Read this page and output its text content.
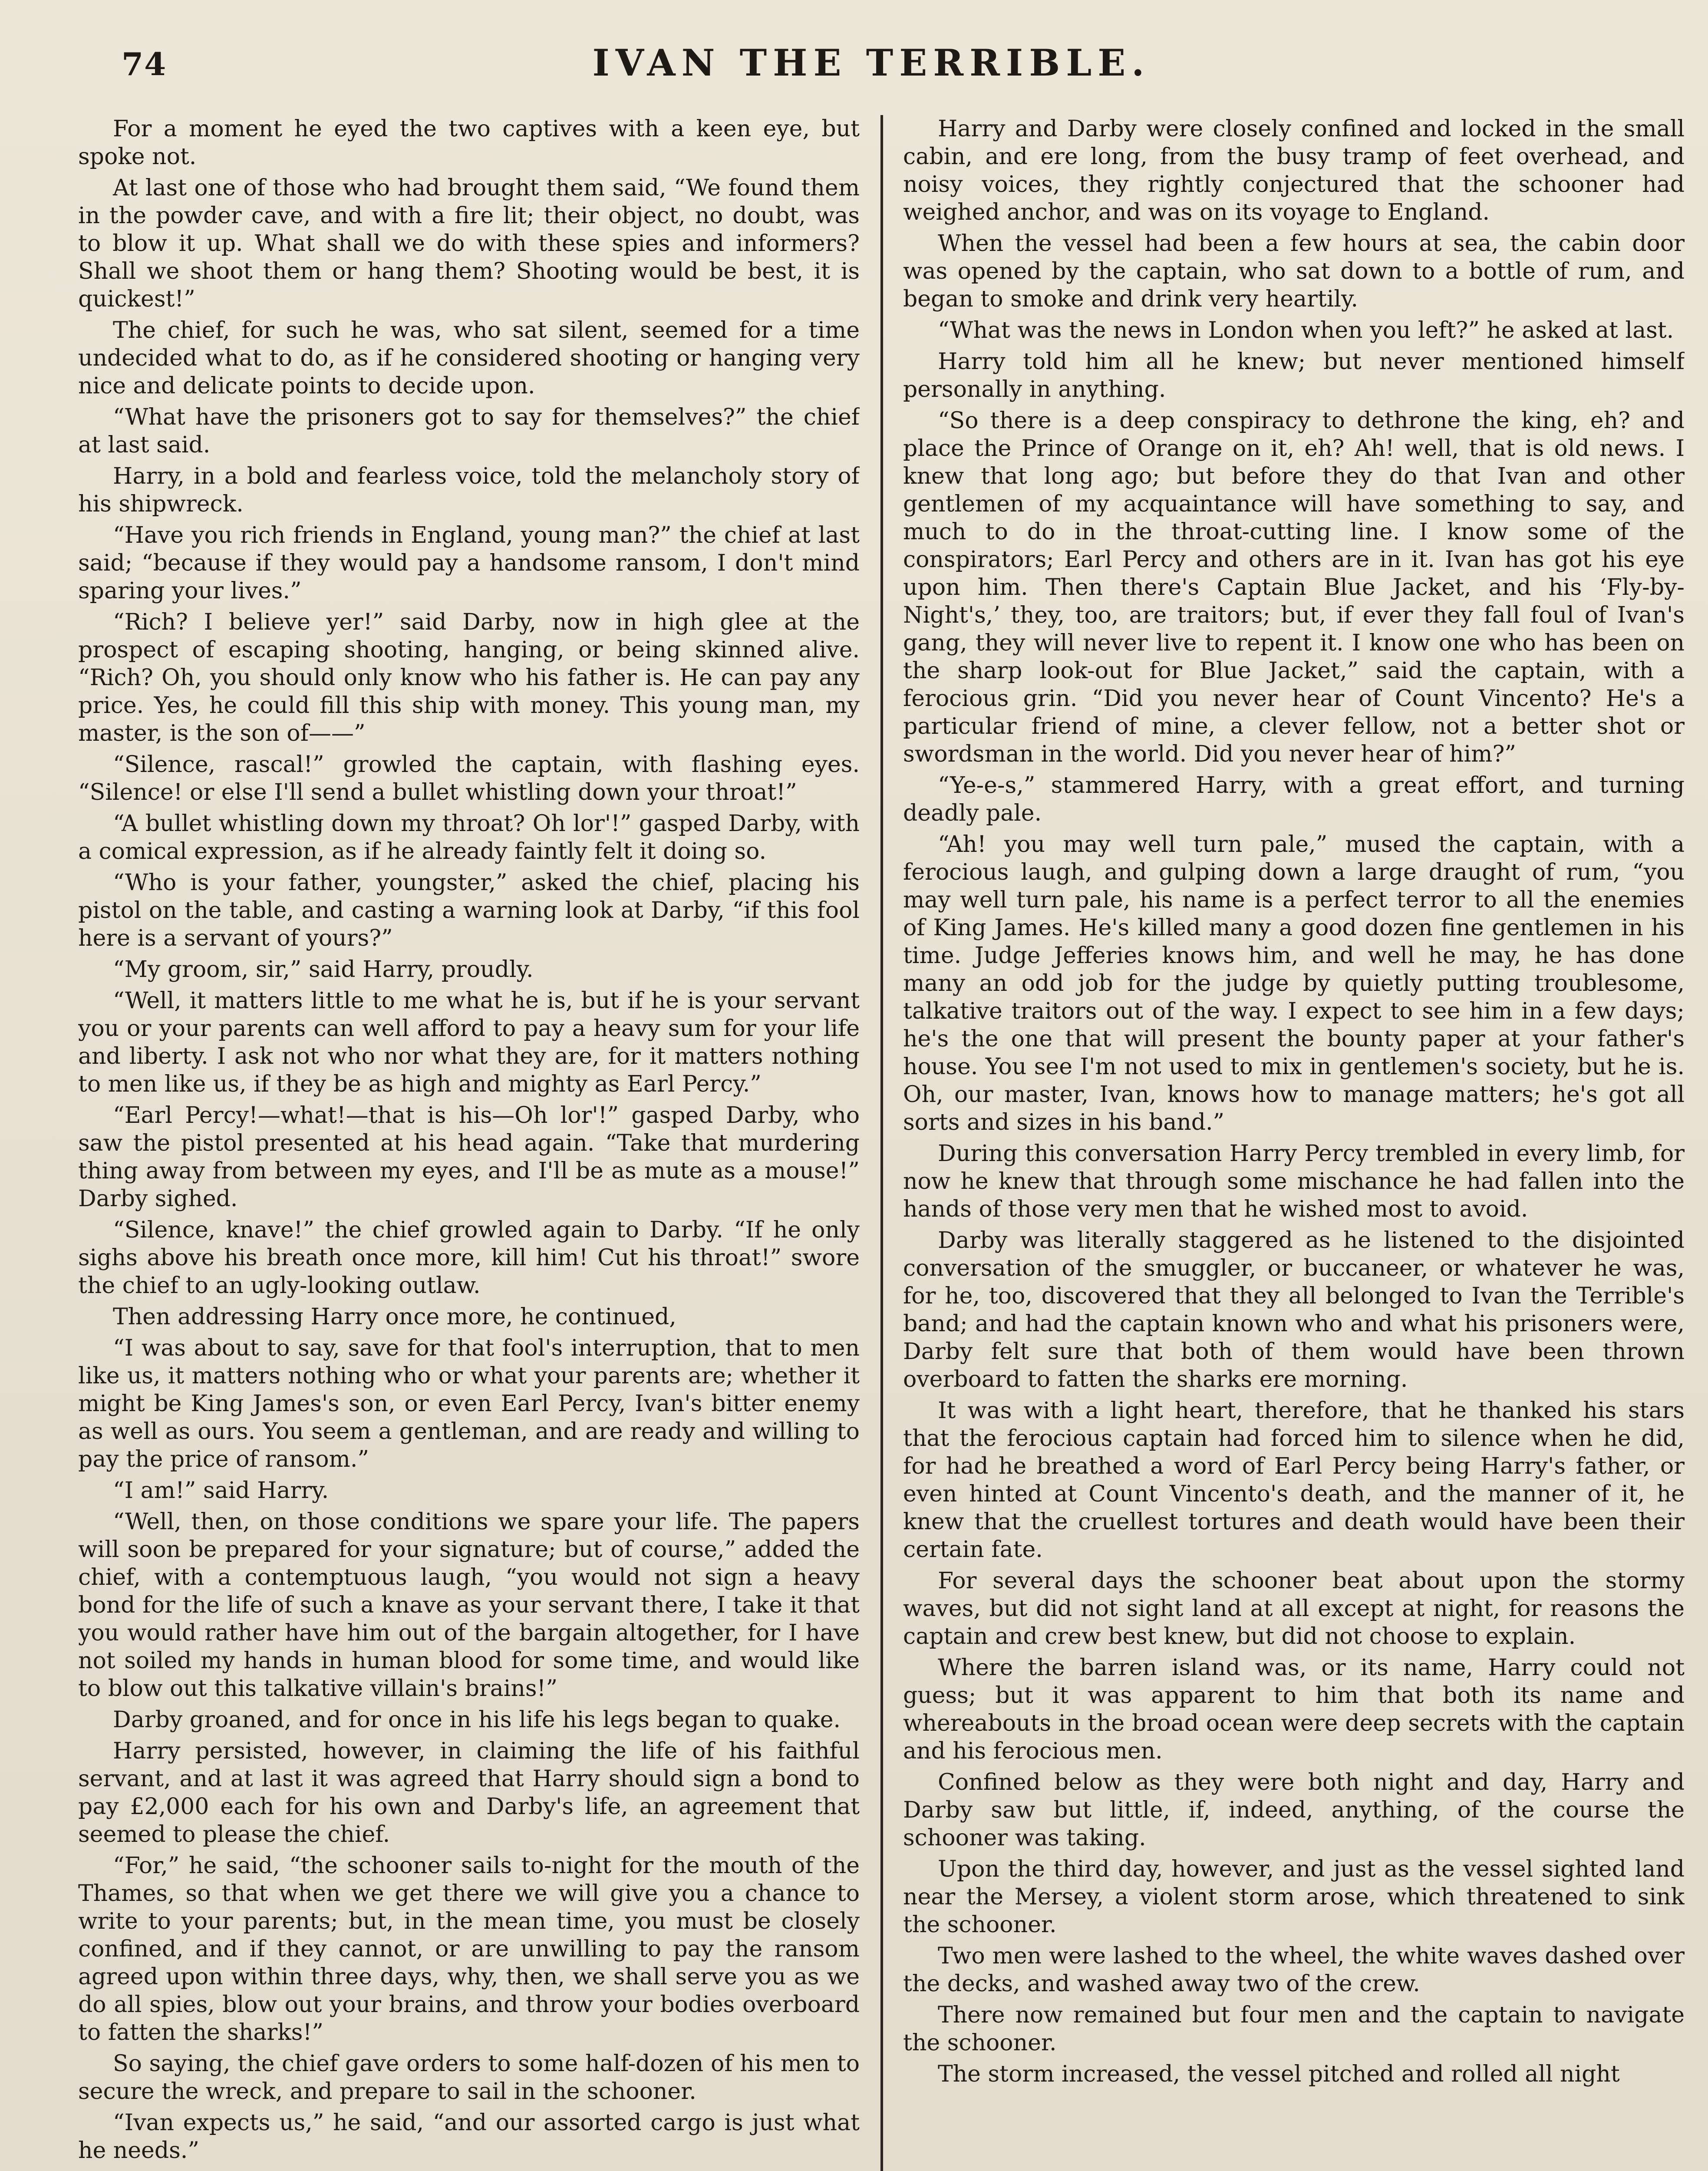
74	IVAN THE TERRIBLE.

For a moment he eyed the two captives with a keen eye, but spoke not.

At last one of those who had brought them said, “We found them in the powder cave, and with a fire lit; their object, no doubt, was to blow it up. What shall we do with these spies and informers? Shall we shoot them or hang them? Shooting would be best, it is quickest!”

The chief, for such he was, who sat silent, seemed for a time undecided what to do, as if he considered shooting or hanging very nice and delicate points to decide upon.

“What have the prisoners got to say for themselves?” the chief at last said.

Harry, in a bold and fearless voice, told the melancholy story of his shipwreck.

“Have you rich friends in England, young man?” the chief at last said; “because if they would pay a handsome ransom, I don't mind sparing your lives.”

“Rich? I believe yer!” said Darby, now in high glee at the prospect of escaping shooting, hanging, or being skinned alive. “Rich? Oh, you should only know who his father is. He can pay any price. Yes, he could fill this ship with money. This young man, my master, is the son of——”

“Silence, rascal!” growled the captain, with flashing eyes. “Silence! or else I'll send a bullet whistling down your throat!”

“A bullet whistling down my throat? Oh lor'!” gasped Darby, with a comical expression, as if he already faintly felt it doing so.

“Who is your father, youngster,” asked the chief, placing his pistol on the table, and casting a warning look at Darby, “if this fool here is a servant of yours?”

“My groom, sir,” said Harry, proudly.

“Well, it matters little to me what he is, but if he is your servant you or your parents can well afford to pay a heavy sum for your life and liberty. I ask not who nor what they are, for it matters nothing to men like us, if they be as high and mighty as Earl Percy.”

“Earl Percy!—what!—that is his—Oh lor'!” gasped Darby, who saw the pistol presented at his head again. “Take that murdering thing away from between my eyes, and I'll be as mute as a mouse!” Darby sighed.

“Silence, knave!” the chief growled again to Darby. “If he only sighs above his breath once more, kill him! Cut his throat!” swore the chief to an ugly-looking outlaw.

Then addressing Harry once more, he continued,

“I was about to say, save for that fool's interruption, that to men like us, it matters nothing who or what your parents are; whether it might be King James's son, or even Earl Percy, Ivan's bitter enemy as well as ours. You seem a gentleman, and are ready and willing to pay the price of ransom.”

“I am!” said Harry.

“Well, then, on those conditions we spare your life. The papers will soon be prepared for your signature; but of course,” added the chief, with a contemptuous laugh, “you would not sign a heavy bond for the life of such a knave as your servant there, I take it that you would rather have him out of the bargain altogether, for I have not soiled my hands in human blood for some time, and would like to blow out this talkative villain's brains!”

Darby groaned, and for once in his life his legs began to quake.

Harry persisted, however, in claiming the life of his faithful servant, and at last it was agreed that Harry should sign a bond to pay £2,000 each for his own and Darby's life, an agreement that seemed to please the chief.

“For,” he said, “the schooner sails to-night for the mouth of the Thames, so that when we get there we will give you a chance to write to your parents; but, in the mean time, you must be closely confined, and if they cannot, or are unwilling to pay the ransom agreed upon within three days, why, then, we shall serve you as we do all spies, blow out your brains, and throw your bodies overboard to fatten the sharks!”

So saying, the chief gave orders to some half-dozen of his men to secure the wreck, and prepare to sail in the schooner.

“Ivan expects us,” he said, “and our assorted cargo is just what he needs.”

Harry and Darby were closely confined and locked in the small cabin, and ere long, from the busy tramp of feet overhead, and noisy voices, they rightly conjectured that the schooner had weighed anchor, and was on its voyage to England.

When the vessel had been a few hours at sea, the cabin door was opened by the captain, who sat down to a bottle of rum, and began to smoke and drink very heartily.

“What was the news in London when you left?” he asked at last.

Harry told him all he knew; but never mentioned himself personally in anything.

“So there is a deep conspiracy to dethrone the king, eh? and place the Prince of Orange on it, eh? Ah! well, that is old news. I knew that long ago; but before they do that Ivan and other gentlemen of my acquaintance will have something to say, and much to do in the throat-cutting line. I know some of the conspirators; Earl Percy and others are in it. Ivan has got his eye upon him. Then there's Captain Blue Jacket, and his ‘Fly-by-Night's,’ they, too, are traitors; but, if ever they fall foul of Ivan's gang, they will never live to repent it. I know one who has been on the sharp look-out for Blue Jacket,” said the captain, with a ferocious grin. “Did you never hear of Count Vincento? He's a particular friend of mine, a clever fellow, not a better shot or swordsman in the world. Did you never hear of him?”

“Ye-e-s,” stammered Harry, with a great effort, and turning deadly pale.

“Ah! you may well turn pale,” mused the captain, with a ferocious laugh, and gulping down a large draught of rum, “you may well turn pale, his name is a perfect terror to all the enemies of King James. He's killed many a good dozen fine gentlemen in his time. Judge Jefferies knows him, and well he may, he has done many an odd job for the judge by quietly putting troublesome, talkative traitors out of the way. I expect to see him in a few days; he's the one that will present the bounty paper at your father's house. You see I'm not used to mix in gentlemen's society, but he is. Oh, our master, Ivan, knows how to manage matters; he's got all sorts and sizes in his band.”

During this conversation Harry Percy trembled in every limb, for now he knew that through some mischance he had fallen into the hands of those very men that he wished most to avoid.

Darby was literally staggered as he listened to the disjointed conversation of the smuggler, or buccaneer, or whatever he was, for he, too, discovered that they all belonged to Ivan the Terrible's band; and had the captain known who and what his prisoners were, Darby felt sure that both of them would have been thrown overboard to fatten the sharks ere morning.

It was with a light heart, therefore, that he thanked his stars that the ferocious captain had forced him to silence when he did, for had he breathed a word of Earl Percy being Harry's father, or even hinted at Count Vincento's death, and the manner of it, he knew that the cruellest tortures and death would have been their certain fate.

For several days the schooner beat about upon the stormy waves, but did not sight land at all except at night, for reasons the captain and crew best knew, but did not choose to explain.

Where the barren island was, or its name, Harry could not guess; but it was apparent to him that both its name and whereabouts in the broad ocean were deep secrets with the captain and his ferocious men.

Confined below as they were both night and day, Harry and Darby saw but little, if, indeed, anything, of the course the schooner was taking.

Upon the third day, however, and just as the vessel sighted land near the Mersey, a violent storm arose, which threatened to sink the schooner.

Two men were lashed to the wheel, the white waves dashed over the decks, and washed away two of the crew.

There now remained but four men and the captain to navigate the schooner.

The storm increased, the vessel pitched and rolled all night
